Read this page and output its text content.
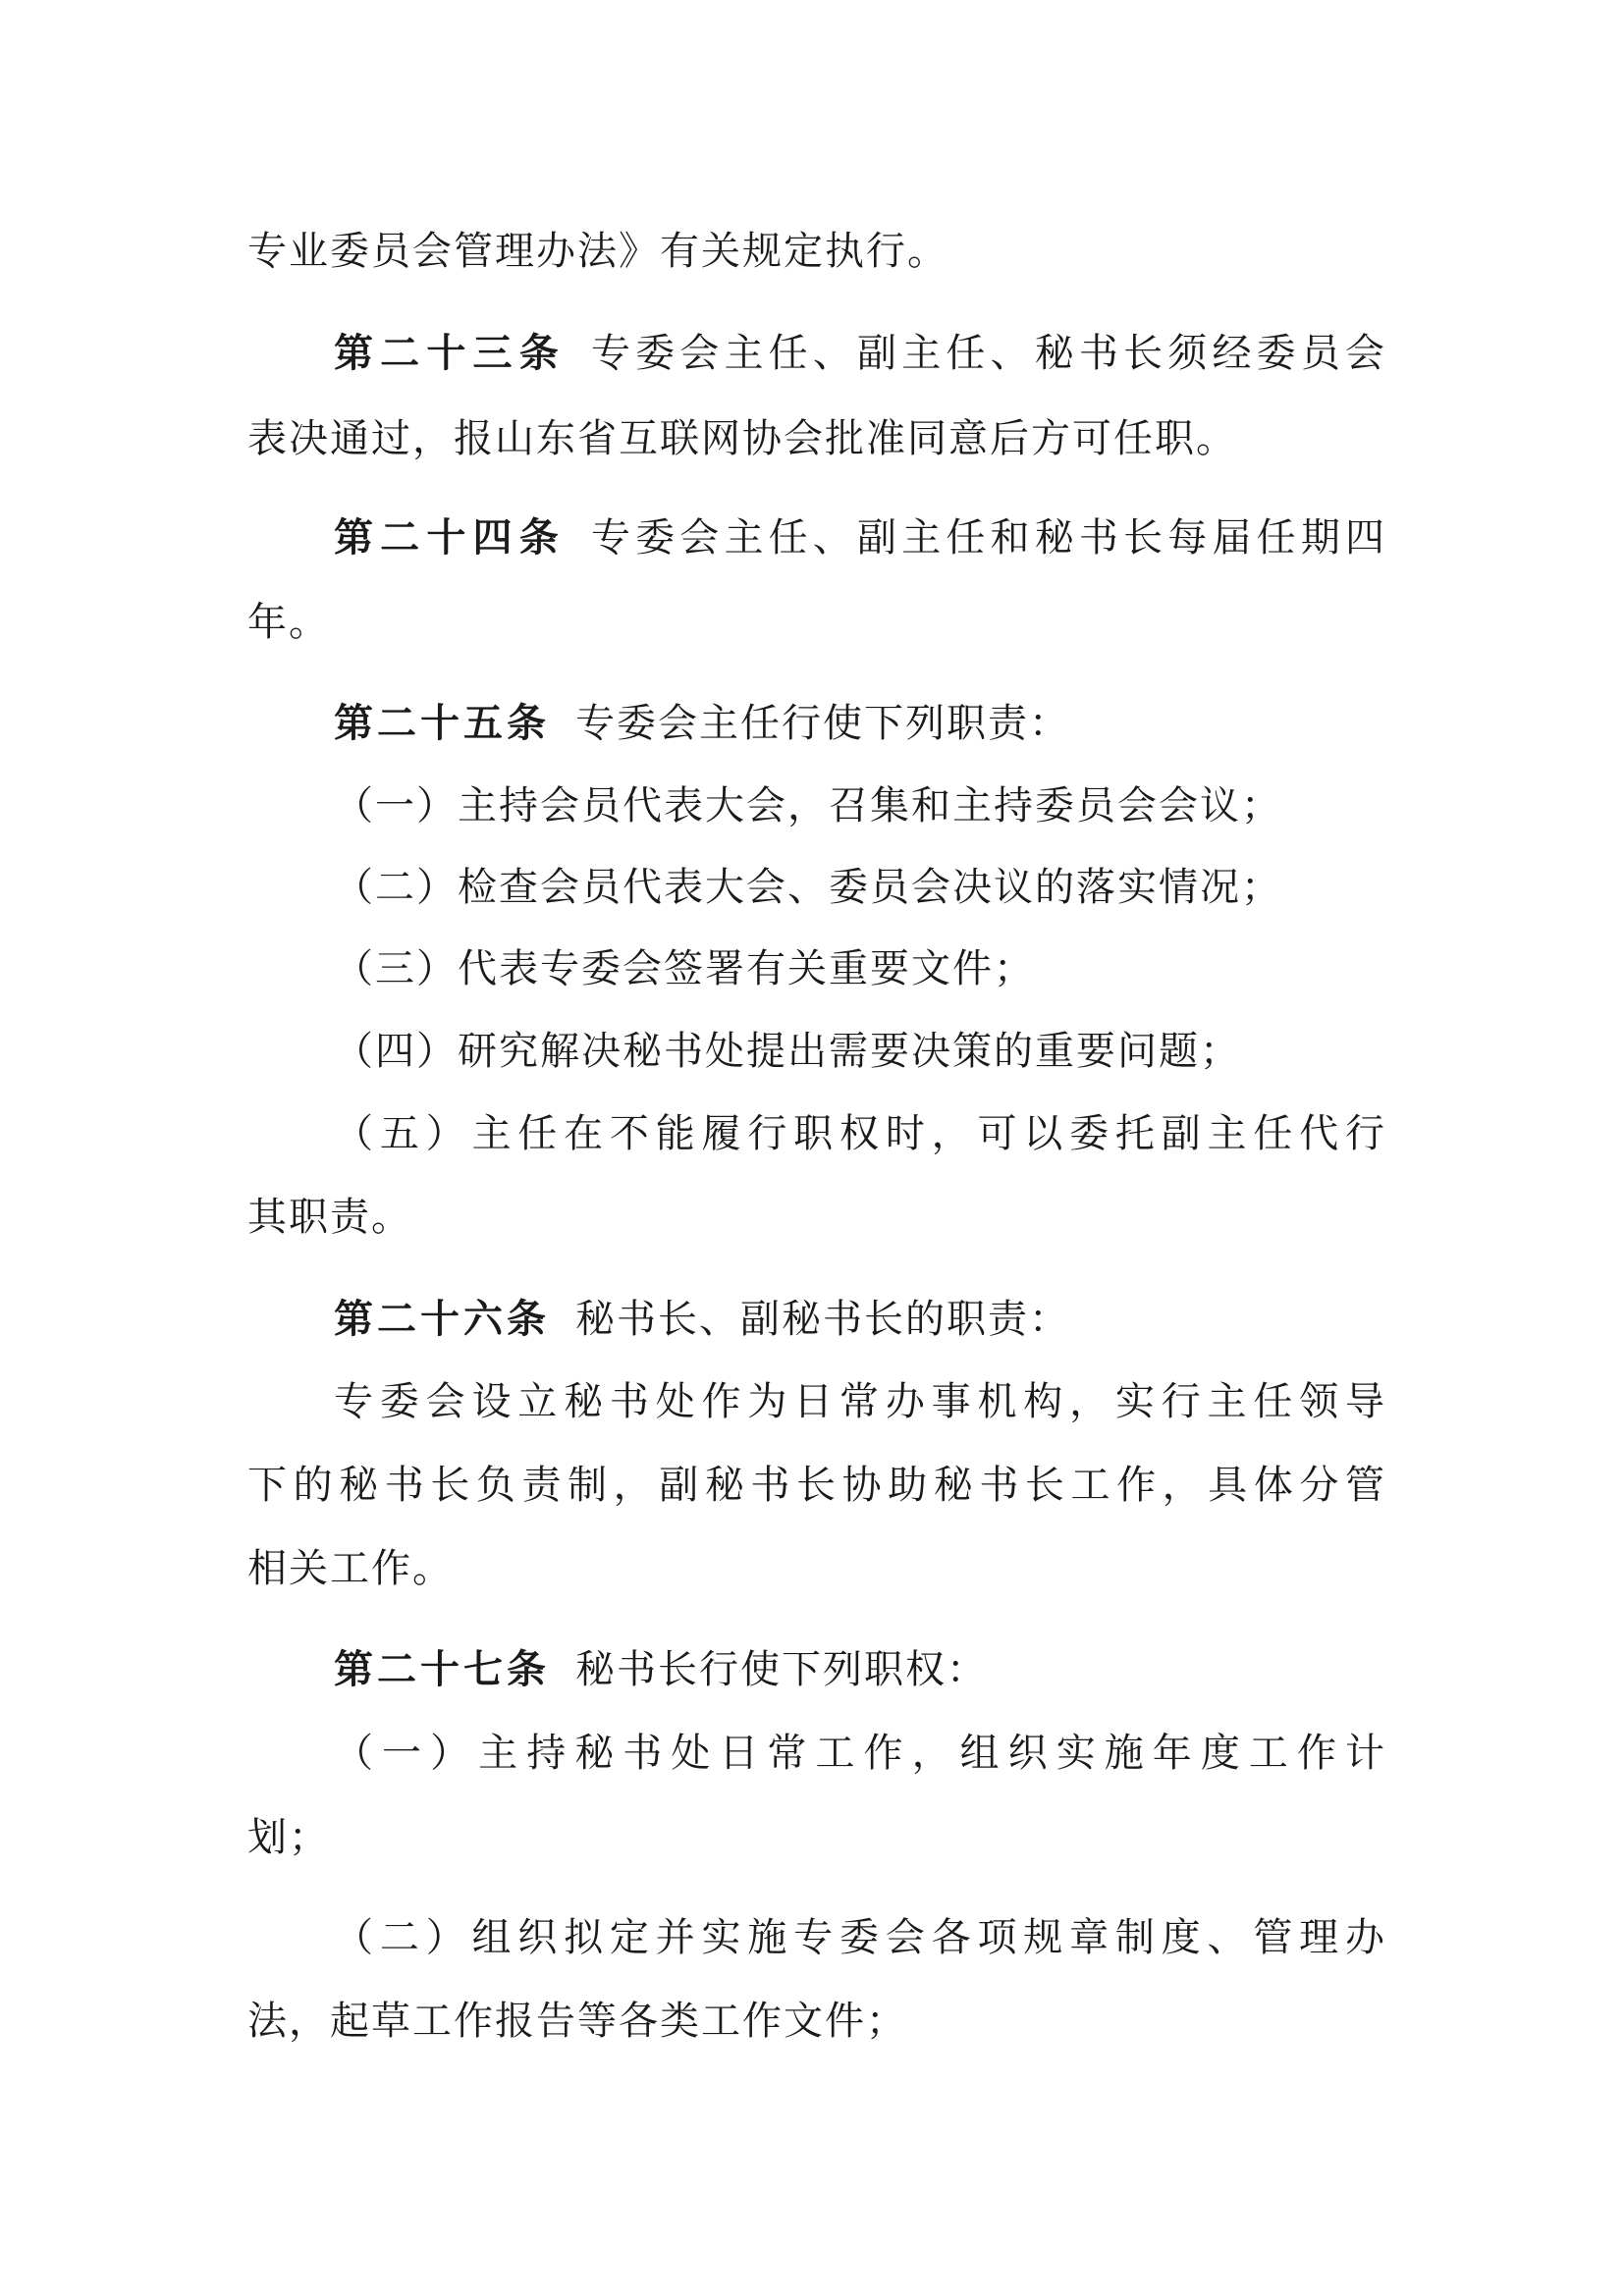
专业委员会管理办法》有关规定执行。
第二十三条 专委会主任、副主任、秘书长须经委员会
表决通过，报山东省互联网协会批准同意后方可任职。
第二十四条 专委会主任、副主任和秘书长每届任期四
年。
第二十五条 专委会主任行使下列职责：
（一）主持会员代表大会，召集和主持委员会会议；
（二）检查会员代表大会、委员会决议的落实情况；
（三）代表专委会签署有关重要文件；
（四）研究解决秘书处提出需要决策的重要问题；
（五）主任在不能履行职权时，可以委托副主任代行
其职责。
第二十六条 秘书长、副秘书长的职责：
专委会设立秘书处作为日常办事机构，实行主任领导
下的秘书长负责制，副秘书长协助秘书长工作，具体分管
相关工作。
第二十七条 秘书长行使下列职权：
（一）主持秘书处日常工作，组织实施年度工作计
划；
（二）组织拟定并实施专委会各项规章制度、管理办
法，起草工作报告等各类工作文件；
